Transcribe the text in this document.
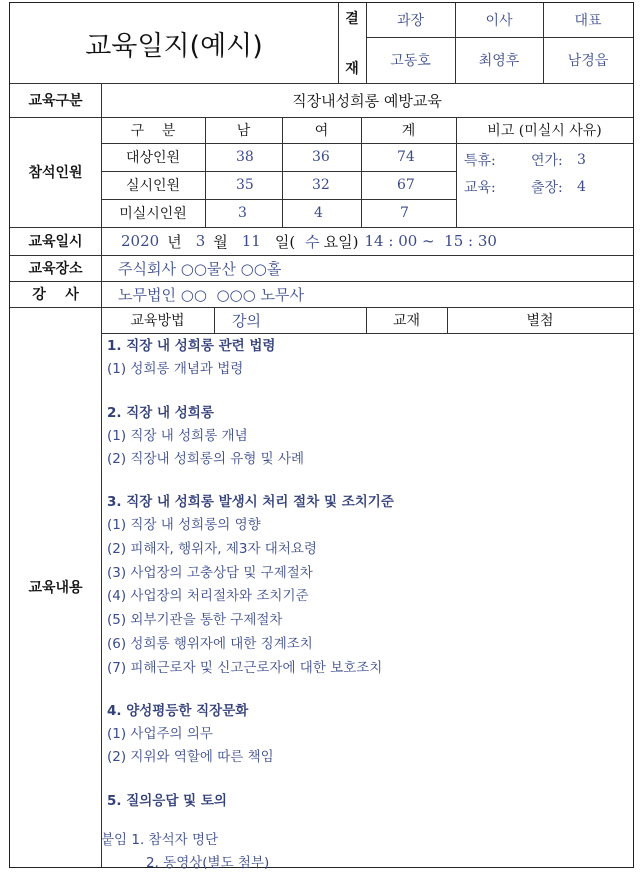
교육일지(예시)
결
재
과장	이사	대표
고동호	최영후	남경읍
교육구분	직장내성희롱 예방교육
참석인원
구    분	남	여	계	비고 (미실시 사유)
대상인원	38	36	74
실시인원	35	32	67
미실시인원	3	4	7
특휴:	연가:	3
교육:	출장:	4
교육일시	2020 년 3 월 11 일( 수 요일) 14 : 00 ~  15 : 30
교육장소	주식회사 ○○물산 ○○홀
강    사	노무법인 ○○  ○○○ 노무사
교육내용
교육방법	강의	교재	별첨
1. 직장 내 성희롱 관련 법령
(1) 성희롱 개념과 법령
2. 직장 내 성희롱
(1) 직장 내 성희롱 개념
(2) 직장내 성희롱의 유형 및 사례
3. 직장 내 성희롱 발생시 처리 절차 및 조치기준
(1) 직장 내 성희롱의 영향
(2) 피해자, 행위자, 제3자 대처요령
(3) 사업장의 고충상담 및 구제절차
(4) 사업장의 처리절차와 조치기준
(5) 외부기관을 통한 구제절차
(6) 성희롱 행위자에 대한 징계조치
(7) 피해근로자 및 신고근로자에 대한 보호조치
4. 양성평등한 직장문화
(1) 사업주의 의무
(2) 지위와 역할에 따른 책임
5. 질의응답 및 토의
붙임 1. 참석자 명단
2. 동영상(별도 첨부)
